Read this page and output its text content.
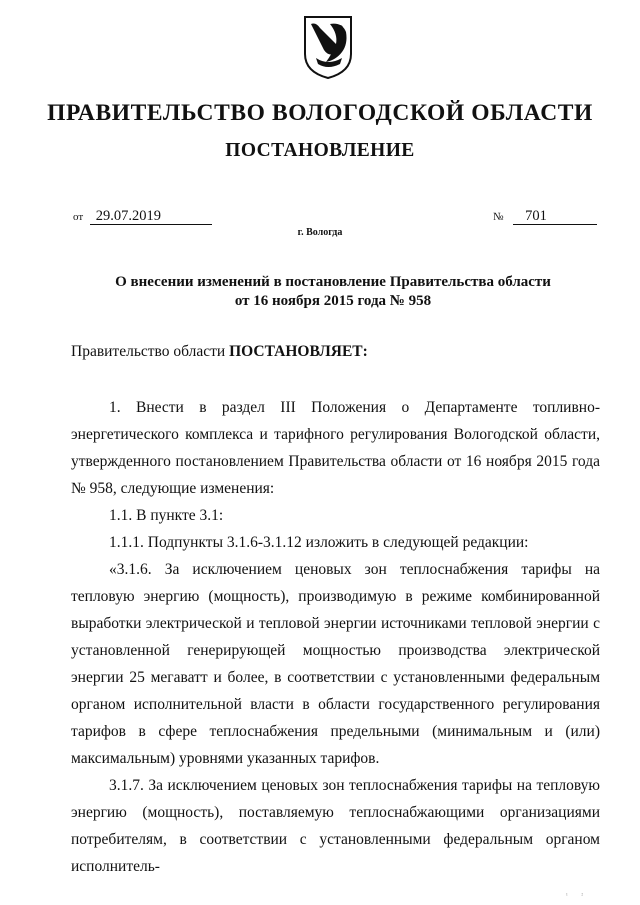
ПРАВИТЕЛЬСТВО ВОЛОГОДСКОЙ ОБЛАСТИ
ПОСТАНОВЛЕНИЕ
от 29.07.2019	№ 701
г. Вологда
О внесении изменений в постановление Правительства области
от 16 ноября 2015 года № 958
Правительство области ПОСТАНОВЛЯЕТ:

1. Внести в раздел III Положения о Департаменте топливно-энергетического комплекса и тарифного регулирования Вологодской области, утвержденного постановлением Правительства области от 16 ноября 2015 года № 958, следующие изменения:

1.1. В пункте 3.1:

1.1.1. Подпункты 3.1.6-3.1.12 изложить в следующей редакции:

«3.1.6. За исключением ценовых зон теплоснабжения тарифы на тепловую энергию (мощность), производимую в режиме комбинированной выработки электрической и тепловой энергии источниками тепловой энергии с установленной генерирующей мощностью производства электрической энергии 25 мегаватт и более, в соответствии с установленными федеральным органом исполнительной власти в области государственного регулирования тарифов в сфере теплоснабжения предельными (минимальным и (или) максимальным) уровнями указанных тарифов.

3.1.7. За исключением ценовых зон теплоснабжения тарифы на тепловую энергию (мощность), поставляемую теплоснабжающими организациями потребителям, в соответствии с установленными федеральным органом исполнитель-

¹ ²
